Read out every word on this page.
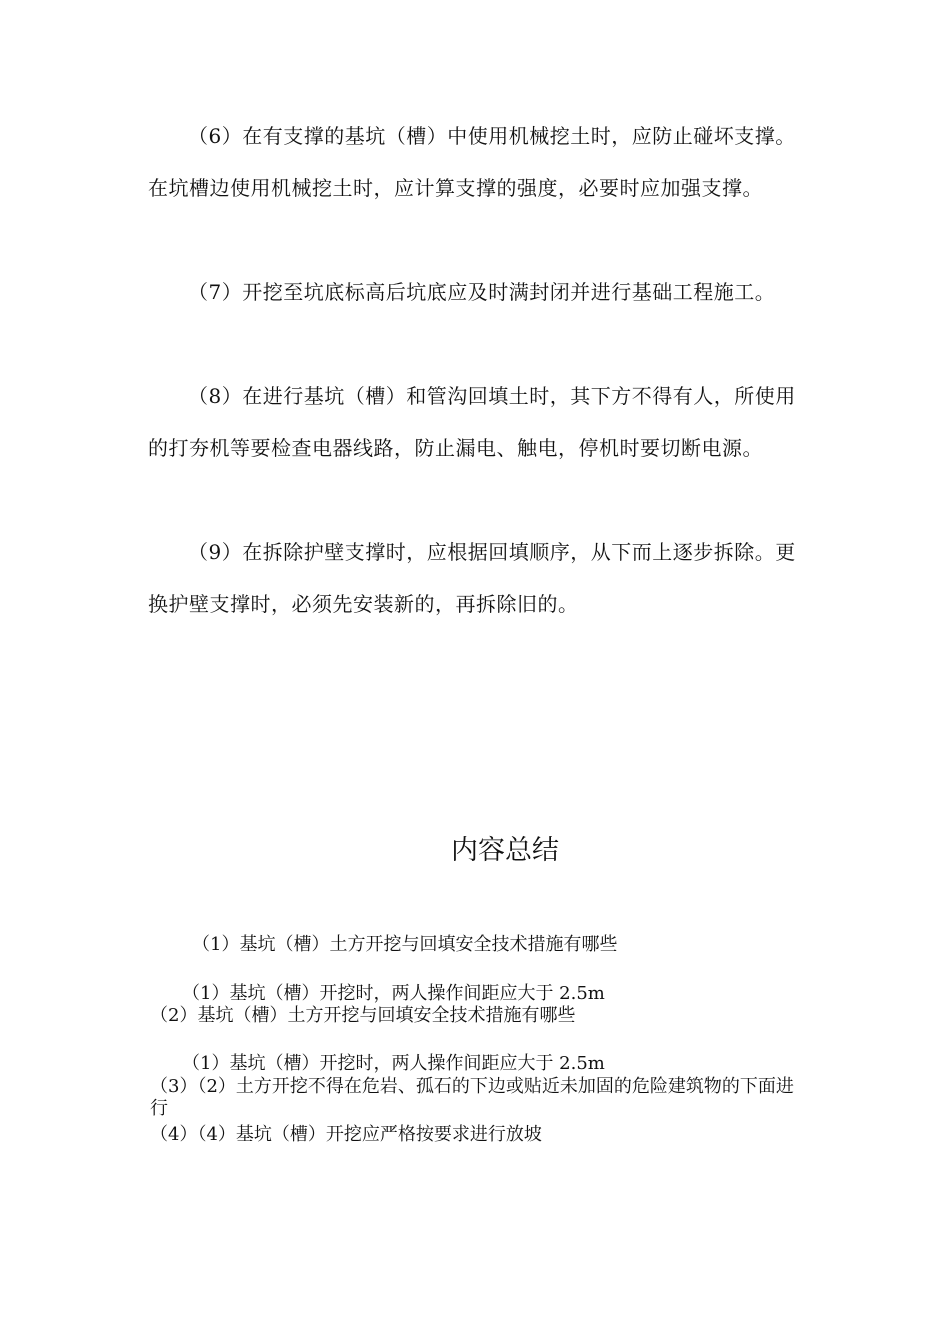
（6）在有支撑的基坑（槽）中使用机械挖土时，应防止碰坏支撑。在坑槽边使用机械挖土时，应计算支撑的强度，必要时应加强支撑。

（7）开挖至坑底标高后坑底应及时满封闭并进行基础工程施工。

（8）在进行基坑（槽）和管沟回填土时，其下方不得有人，所使用的打夯机等要检查电器线路，防止漏电、触电，停机时要切断电源。

（9）在拆除护壁支撑时，应根据回填顺序，从下而上逐步拆除。更换护壁支撑时，必须先安装新的，再拆除旧的。

内容总结

（1）基坑（槽）土方开挖与回填安全技术措施有哪些

（1）基坑（槽）开挖时，两人操作间距应大于 2.5m

（2）基坑（槽）土方开挖与回填安全技术措施有哪些

（1）基坑（槽）开挖时，两人操作间距应大于 2.5m

（3）（2）土方开挖不得在危岩、孤石的下边或贴近未加固的危险建筑物的下面进行

（4）（4）基坑（槽）开挖应严格按要求进行放坡
